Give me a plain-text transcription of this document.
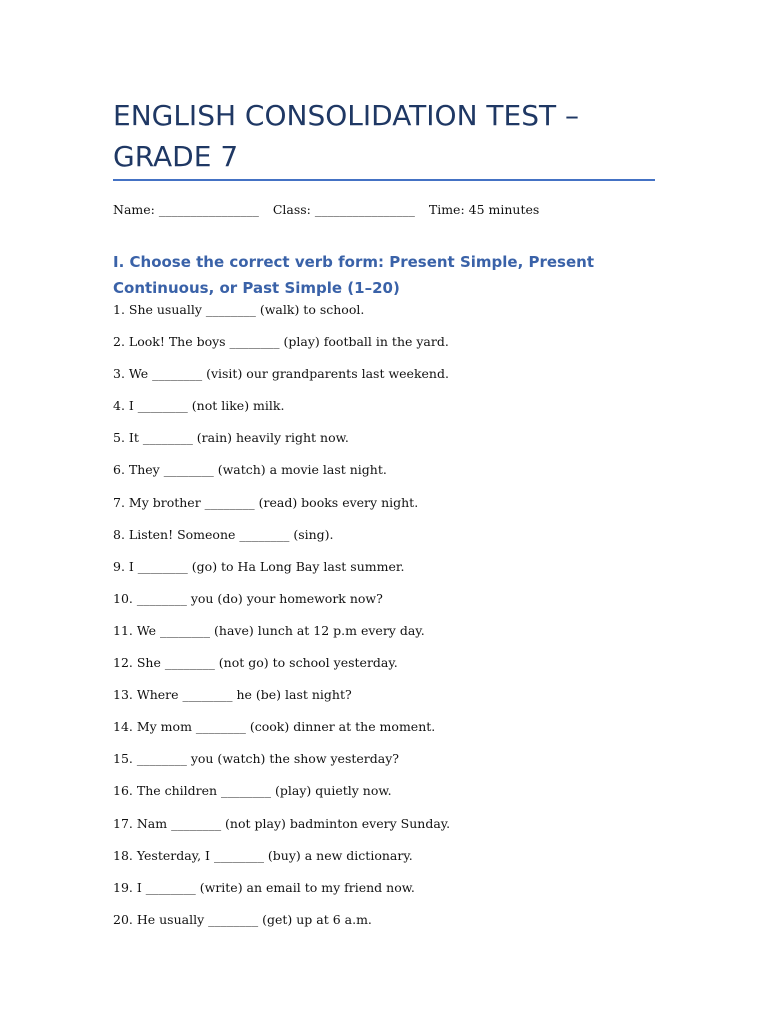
ENGLISH CONSOLIDATION TEST – GRADE 7
Name: ________________ Class: ________________ Time: 45 minutes
I. Choose the correct verb form: Present Simple, Present Continuous, or Past Simple (1–20)
1. She usually ________ (walk) to school.
2. Look! The boys ________ (play) football in the yard.
3. We ________ (visit) our grandparents last weekend.
4. I ________ (not like) milk.
5. It ________ (rain) heavily right now.
6. They ________ (watch) a movie last night.
7. My brother ________ (read) books every night.
8. Listen! Someone ________ (sing).
9. I ________ (go) to Ha Long Bay last summer.
10. ________ you (do) your homework now?
11. We ________ (have) lunch at 12 p.m every day.
12. She ________ (not go) to school yesterday.
13. Where ________ he (be) last night?
14. My mom ________ (cook) dinner at the moment.
15. ________ you (watch) the show yesterday?
16. The children ________ (play) quietly now.
17. Nam ________ (not play) badminton every Sunday.
18. Yesterday, I ________ (buy) a new dictionary.
19. I ________ (write) an email to my friend now.
20. He usually ________ (get) up at 6 a.m.
